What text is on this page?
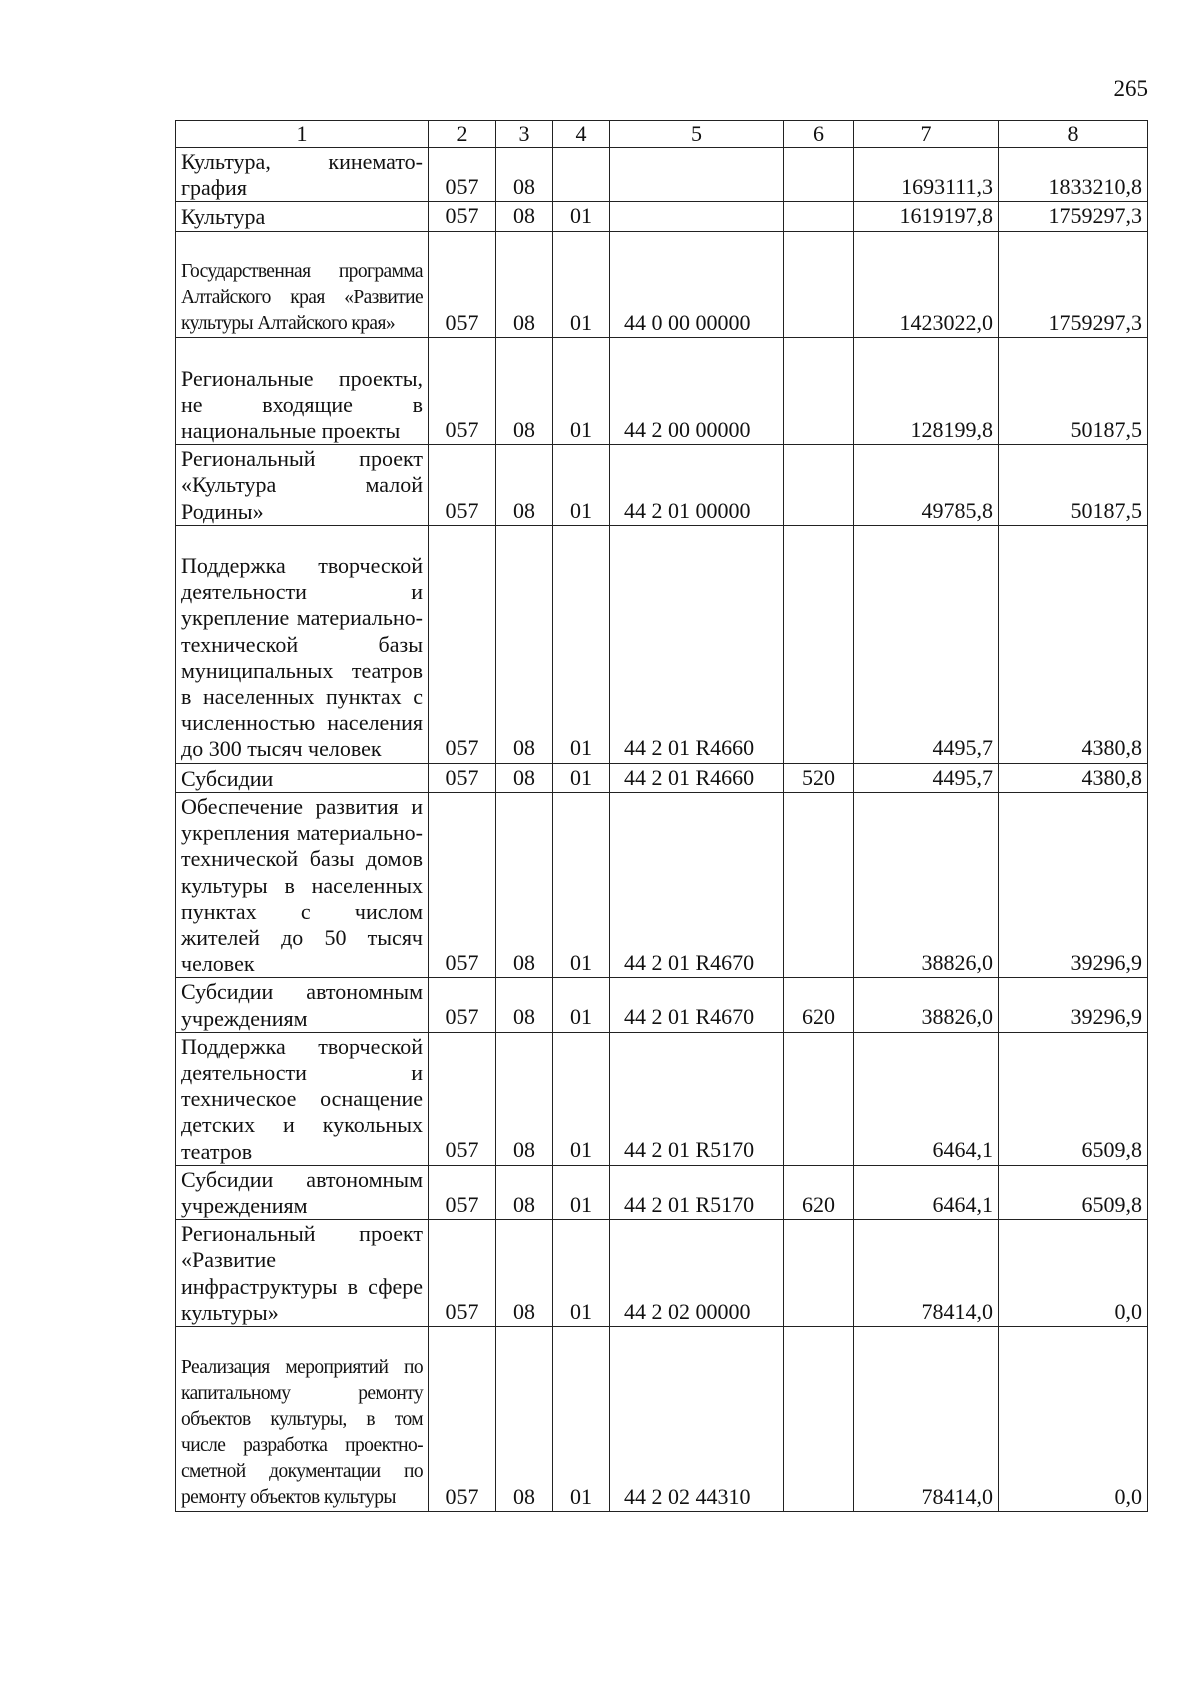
265
1	2	3	4	5	6	7	8
Культура, кинемато-графия	057	08				1693111,3	1833210,8
Культура	057	08	01			1619197,8	1759297,3
Государственная программа Алтайского края «Развитие культуры Алтайского края»	057	08	01	44 0 00 00000		1423022,0	1759297,3
Региональные проекты, не входящие в национальные проекты	057	08	01	44 2 00 00000		128199,8	50187,5
Региональный проект «Культура малой Родины»	057	08	01	44 2 01 00000		49785,8	50187,5
Поддержка творческой деятельности и укрепление материально-технической базы муниципальных театров в населенных пунктах с численностью населения до 300 тысяч человек	057	08	01	44 2 01 R4660		4495,7	4380,8
Субсидии	057	08	01	44 2 01 R4660	520	4495,7	4380,8
Обеспечение развития и укрепления материально-технической базы домов культуры в населенных пунктах с числом жителей до 50 тысяч человек	057	08	01	44 2 01 R4670		38826,0	39296,9
Субсидии автономным учреждениям	057	08	01	44 2 01 R4670	620	38826,0	39296,9
Поддержка творческой деятельности и техническое оснащение детских и кукольных театров	057	08	01	44 2 01 R5170		6464,1	6509,8
Субсидии автономным учреждениям	057	08	01	44 2 01 R5170	620	6464,1	6509,8
Региональный проект «Развитие инфраструктуры в сфере культуры»	057	08	01	44 2 02 00000		78414,0	0,0
Реализация мероприятий по капитальному ремонту объектов культуры, в том числе разработка проектно-сметной документации по ремонту объектов культуры	057	08	01	44 2 02 44310		78414,0	0,0
